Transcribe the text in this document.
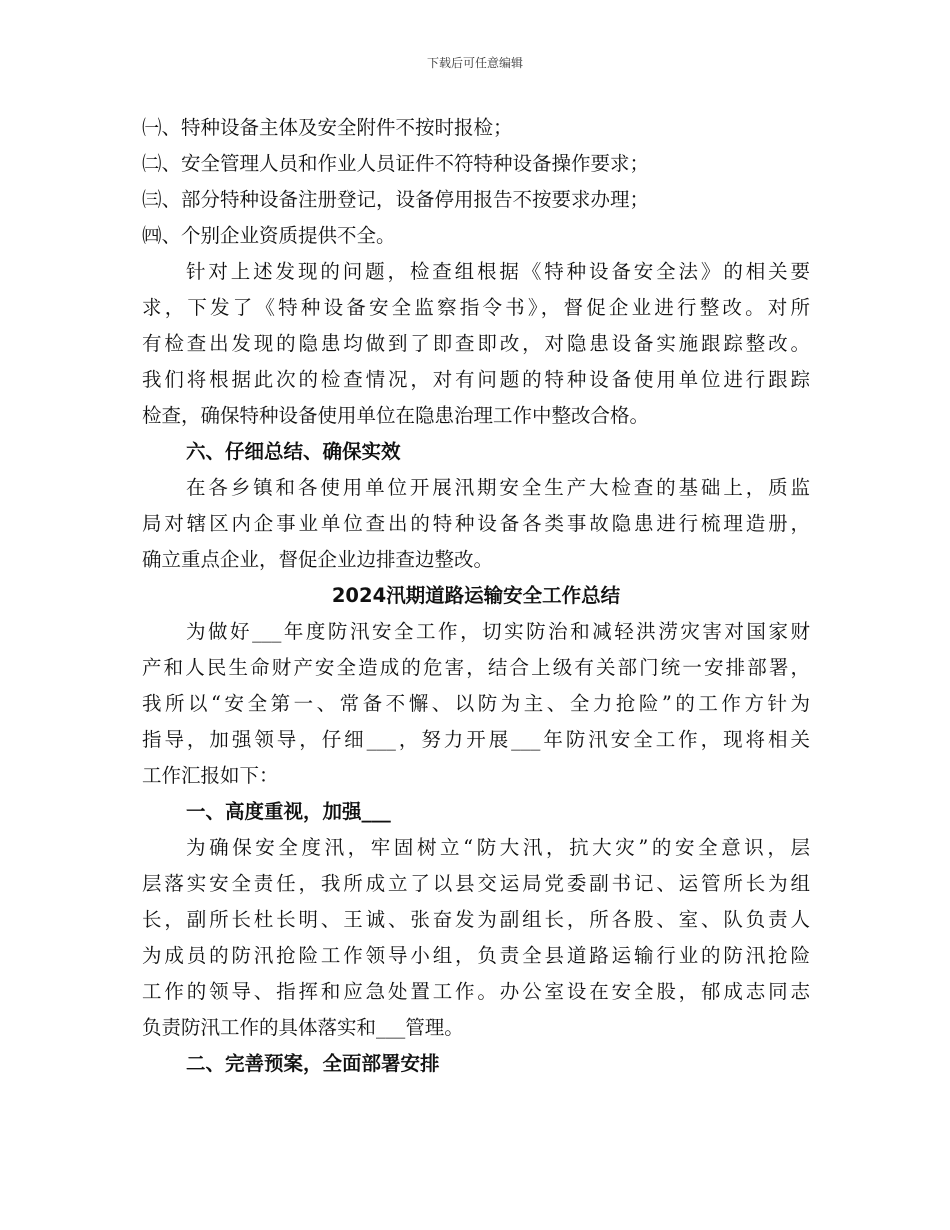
下载后可任意编辑
㈠、特种设备主体及安全附件不按时报检；
㈡、安全管理人员和作业人员证件不符特种设备操作要求；
㈢、部分特种设备注册登记，设备停用报告不按要求办理；
㈣、个别企业资质提供不全。
针对上述发现的问题，检查组根据《特种设备安全法》的相关要
求，下发了《特种设备安全监察指令书》，督促企业进行整改。对所
有检查出发现的隐患均做到了即查即改，对隐患设备实施跟踪整改。
我们将根据此次的检查情况，对有问题的特种设备使用单位进行跟踪
检查，确保特种设备使用单位在隐患治理工作中整改合格。
六、仔细总结、确保实效
在各乡镇和各使用单位开展汛期安全生产大检查的基础上，质监
局对辖区内企事业单位查出的特种设备各类事故隐患进行梳理造册，
确立重点企业，督促企业边排查边整改。
2024汛期道路运输安全工作总结
为做好___年度防汛安全工作，切实防治和减轻洪涝灾害对国家财
产和人民生命财产安全造成的危害，结合上级有关部门统一安排部署，
我所以“安全第一、常备不懈、以防为主、全力抢险”的工作方针为
指导，加强领导，仔细___，努力开展___年防汛安全工作，现将相关
工作汇报如下：
一、高度重视，加强___
为确保安全度汛，牢固树立“防大汛，抗大灾”的安全意识，层
层落实安全责任，我所成立了以县交运局党委副书记、运管所长为组
长，副所长杜长明、王诚、张奋发为副组长，所各股、室、队负责人
为成员的防汛抢险工作领导小组，负责全县道路运输行业的防汛抢险
工作的领导、指挥和应急处置工作。办公室设在安全股，郁成志同志
负责防汛工作的具体落实和___管理。
二、完善预案，全面部署安排
